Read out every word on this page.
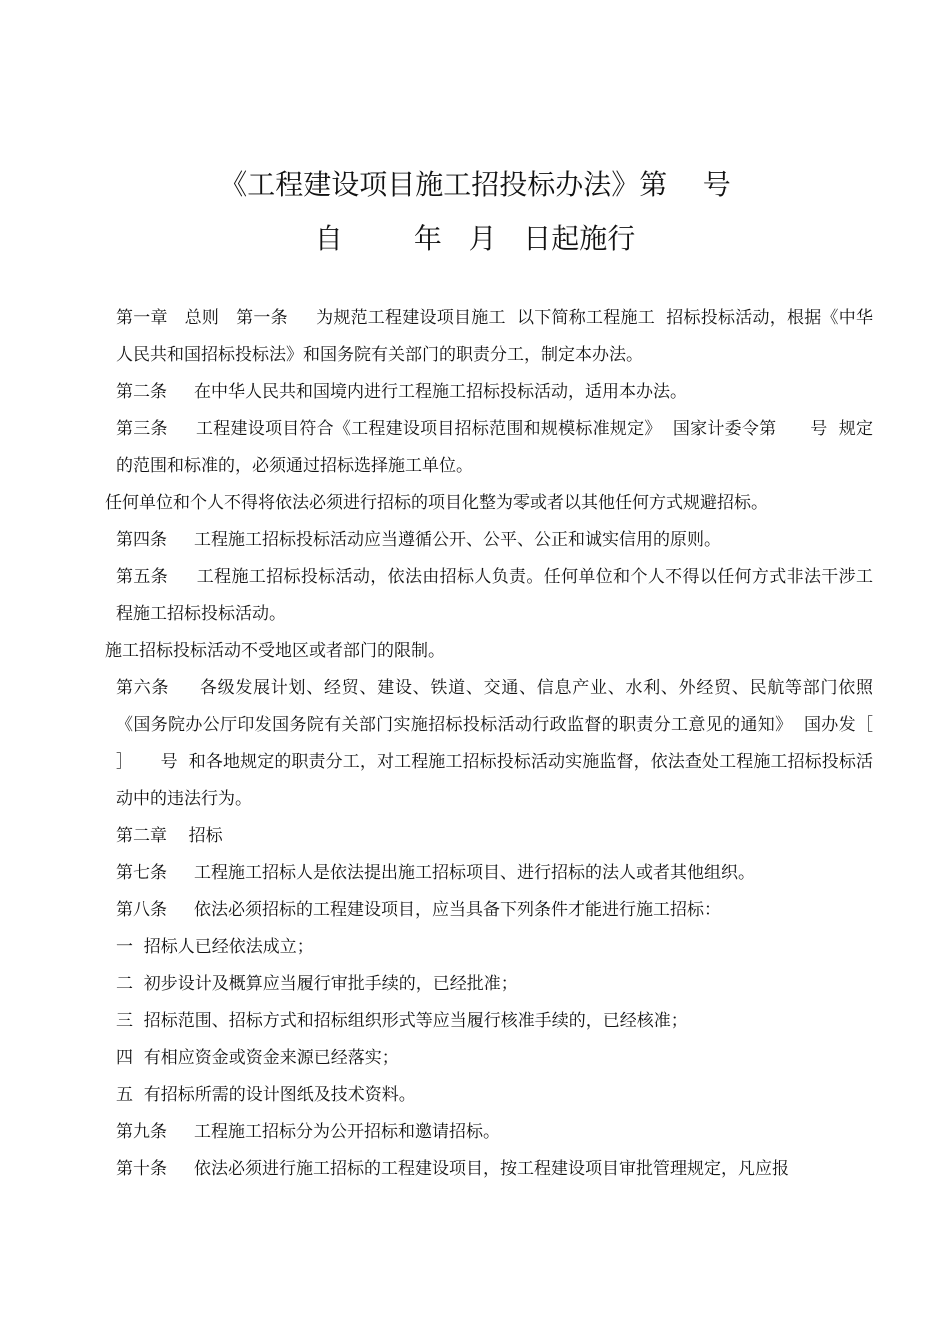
《工程建设项目施工招投标办法》第    号
自        年   月   日起施行

第一章   总则   第一条     为规范工程建设项目施工  以下简称工程施工  招标投标活动，根据《中华人民共和国招标投标法》和国务院有关部门的职责分工，制定本办法。

第二条     在中华人民共和国境内进行工程施工招标投标活动，适用本办法。

第三条     工程建设项目符合《工程建设项目招标范围和规模标准规定》  国家计委令第      号  规定的范围和标准的，必须通过招标选择施工单位。

任何单位和个人不得将依法必须进行招标的项目化整为零或者以其他任何方式规避招标。

第四条     工程施工招标投标活动应当遵循公开、公平、公正和诚实信用的原则。

第五条     工程施工招标投标活动，依法由招标人负责。任何单位和个人不得以任何方式非法干涉工程施工招标投标活动。

施工招标投标活动不受地区或者部门的限制。

第六条     各级发展计划、经贸、建设、铁道、交通、信息产业、水利、外经贸、民航等部门依照《国务院办公厅印发国务院有关部门实施招标投标活动行政监督的职责分工意见的通知》  国办发［        ］     号  和各地规定的职责分工，对工程施工招标投标活动实施监督，依法查处工程施工招标投标活动中的违法行为。

第二章    招标

第七条     工程施工招标人是依法提出施工招标项目、进行招标的法人或者其他组织。

第八条     依法必须招标的工程建设项目，应当具备下列条件才能进行施工招标：

一  招标人已经依法成立；

二  初步设计及概算应当履行审批手续的，已经批准；

三  招标范围、招标方式和招标组织形式等应当履行核准手续的，已经核准；

四  有相应资金或资金来源已经落实；

五  有招标所需的设计图纸及技术资料。

第九条     工程施工招标分为公开招标和邀请招标。

第十条     依法必须进行施工招标的工程建设项目，按工程建设项目审批管理规定，凡应报
